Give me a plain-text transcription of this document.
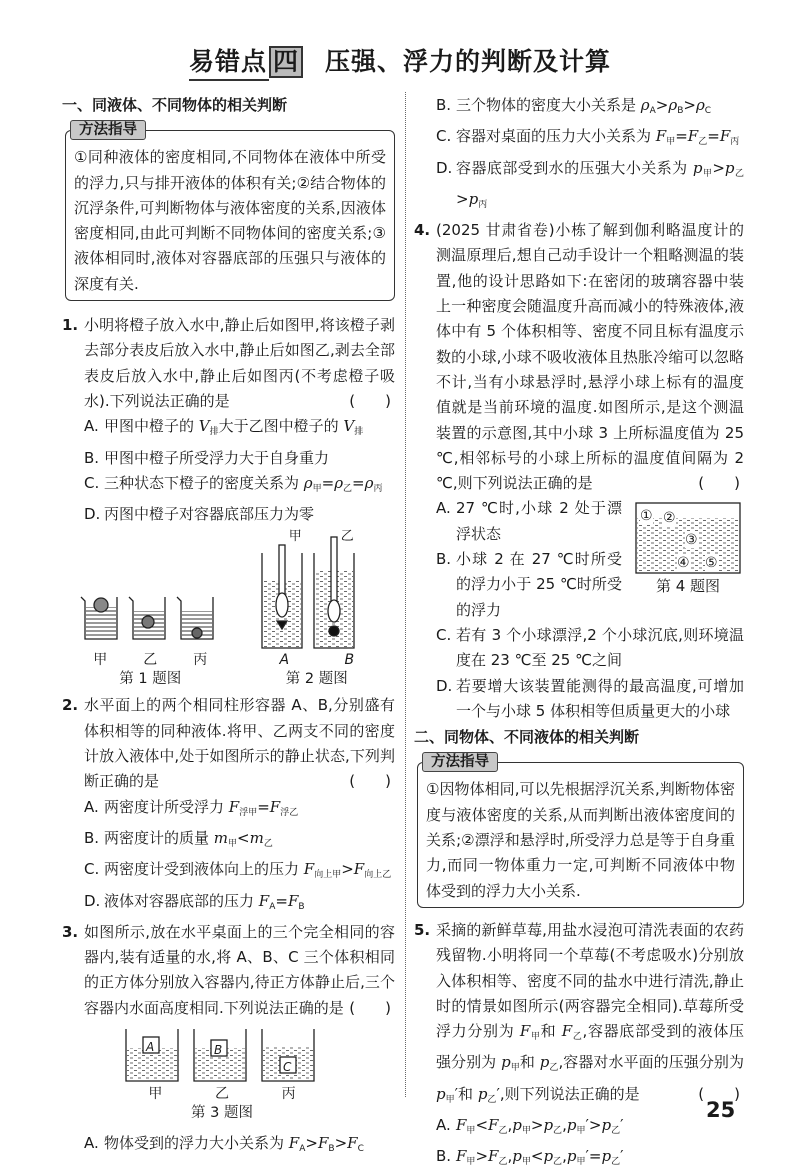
易错点 四 压强、浮力的判断及计算
一、同液体、不同物体的相关判断
方法指导
①同种液体的密度相同,不同物体在液体中所受的浮力,只与排开液体的体积有关;②结合物体的沉浮条件,可判断物体与液体密度的关系,因液体密度相同,由此可判断不同物体间的密度关系;③液体相同时,液体对容器底部的压强只与液体的深度有关.
1. 小明将橙子放入水中,静止后如图甲,将该橙子剥去部分表皮后放入水中,静止后如图乙,剥去全部表皮后放入水中,静止后如图丙(不考虑橙子吸水).下列说法正确的是	(　　)
A. 甲图中橙子的 $V_排$大于乙图中橙子的 $V_排$
B. 甲图中橙子所受浮力大于自身重力
C. 三种状态下橙子的密度关系为 $\rho_甲=\rho_乙=\rho_丙$
D. 丙图中橙子对容器底部压力为零
甲	乙	丙
第 1 题图
甲	乙
A	B
第 2 题图
2. 水平面上的两个相同柱形容器 A、B,分别盛有体积相等的同种液体.将甲、乙两支不同的密度计放入液体中,处于如图所示的静止状态,下列判断正确的是	(　　)
A. 两密度计所受浮力 $F_{浮甲}=F_{浮乙}$
B. 两密度计的质量 $m_甲<m_乙$
C. 两密度计受到液体向上的压力 $F_{向上甲}>F_{向上乙}$
D. 液体对容器底部的压力 $F_A=F_B$
3. 如图所示,放在水平桌面上的三个完全相同的容器内,装有适量的水,将 A、B、C 三个体积相同的正方体分别放入容器内,待正方体静止后,三个容器内水面高度相同.下列说法正确的是 (　　)
A	B
C
甲	乙	丙
第 3 题图
A. 物体受到的浮力大小关系为 $F_A>F_B>F_C$
B. 三个物体的密度大小关系是 $\rho_A>\rho_B>\rho_C$
C. 容器对桌面的压力大小关系为 $F_甲=F_乙=F_丙$
D. 容器底部受到水的压强大小关系为 $p_甲>p_乙>p_丙$
4. (2025 甘肃省卷)小栋了解到伽利略温度计的测温原理后,想自己动手设计一个粗略测温的装置,他的设计思路如下:在密闭的玻璃容器中装上一种密度会随温度升高而减小的特殊液体,液体中有 5 个体积相等、密度不同且标有温度示数的小球,小球不吸收液体且热胀冷缩可以忽略不计,当有小球悬浮时,悬浮小球上标有的温度值就是当前环境的温度.如图所示,是这个测温装置的示意图,其中小球 3 上所标温度值为 25 ℃,相邻标号的小球上所标的温度值间隔为 2 ℃,则下列说法正确的是	(　　)
A. 27 ℃时,小球 2 处于漂浮状态
B. 小球 2 在 27 ℃时所受的浮力小于 25 ℃时所受的浮力
① ②
③
④ ⑤
第 4 题图
C. 若有 3 个小球漂浮,2 个小球沉底,则环境温度在 23 ℃至 25 ℃之间
D. 若要增大该装置能测得的最高温度,可增加一个与小球 5 体积相等但质量更大的小球
二、同物体、不同液体的相关判断
方法指导
①因物体相同,可以先根据浮沉关系,判断物体密度与液体密度的关系,从而判断出液体密度间的关系;②漂浮和悬浮时,所受浮力总是等于自身重力,而同一物体重力一定,可判断不同液体中物体受到的浮力大小关系.
5. 采摘的新鲜草莓,用盐水浸泡可清洗表面的农药残留物.小明将同一个草莓(不考虑吸水)分别放入体积相等、密度不同的盐水中进行清洗,静止时的情景如图所示(两容器完全相同).草莓所受浮力分别为 $F_甲$和 $F_乙$,容器底部受到的液体压强分别为 $p_甲$和 $p_乙$,容器对水平面的压强分别为 $p_甲'$和 $p_乙'$,则下列说法正确的是	(　　)
A. $F_甲<F_乙,p_甲>p_乙,p_甲'>p_乙'$
B. $F_甲>F_乙,p_甲<p_乙,p_甲'=p_乙'$
25
